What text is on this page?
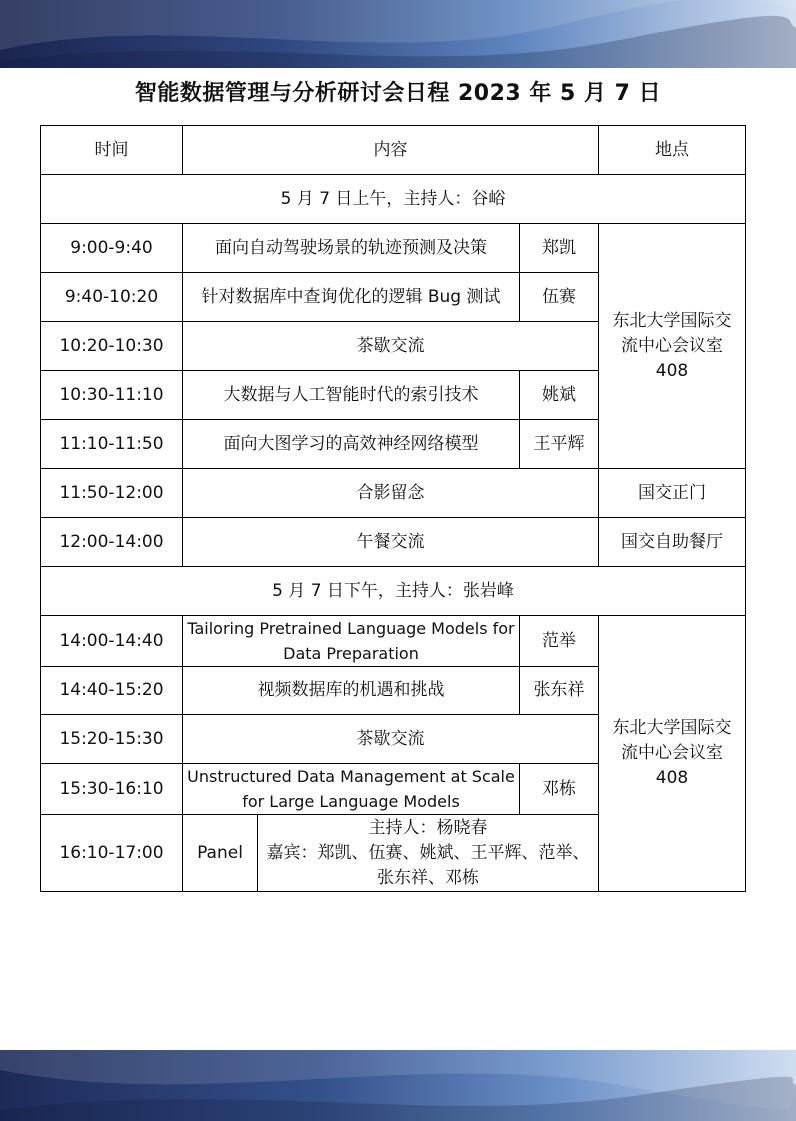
智能数据管理与分析研讨会日程 2023 年 5 月 7 日
时间	内容			地点
5 月 7 日上午，主持人：谷峪				
9:00-9:40	面向自动驾驶场景的轨迹预测及决策		郑凯	东北大学国际交流中心会议室408
9:40-10:20	针对数据库中查询优化的逻辑 Bug 测试		伍赛	
10:20-10:30	茶歇交流			
10:30-11:10	大数据与人工智能时代的索引技术		姚斌	
11:10-11:50	面向大图学习的高效神经网络模型		王平辉	
11:50-12:00	合影留念			国交正门
12:00-14:00	午餐交流			国交自助餐厅
5 月 7 日下午，主持人：张岩峰				
14:00-14:40	Tailoring Pretrained Language Models for Data Preparation		范举	东北大学国际交流中心会议室408
14:40-15:20	视频数据库的机遇和挑战		张东祥	
15:20-15:30	茶歇交流			
15:30-16:10	Unstructured Data Management at Scale for Large Language Models		邓栋	
16:10-17:00	Panel	主持人：杨晓春
嘉宾：郑凯、伍赛、姚斌、王平辉、范举、张东祥、邓栋		
